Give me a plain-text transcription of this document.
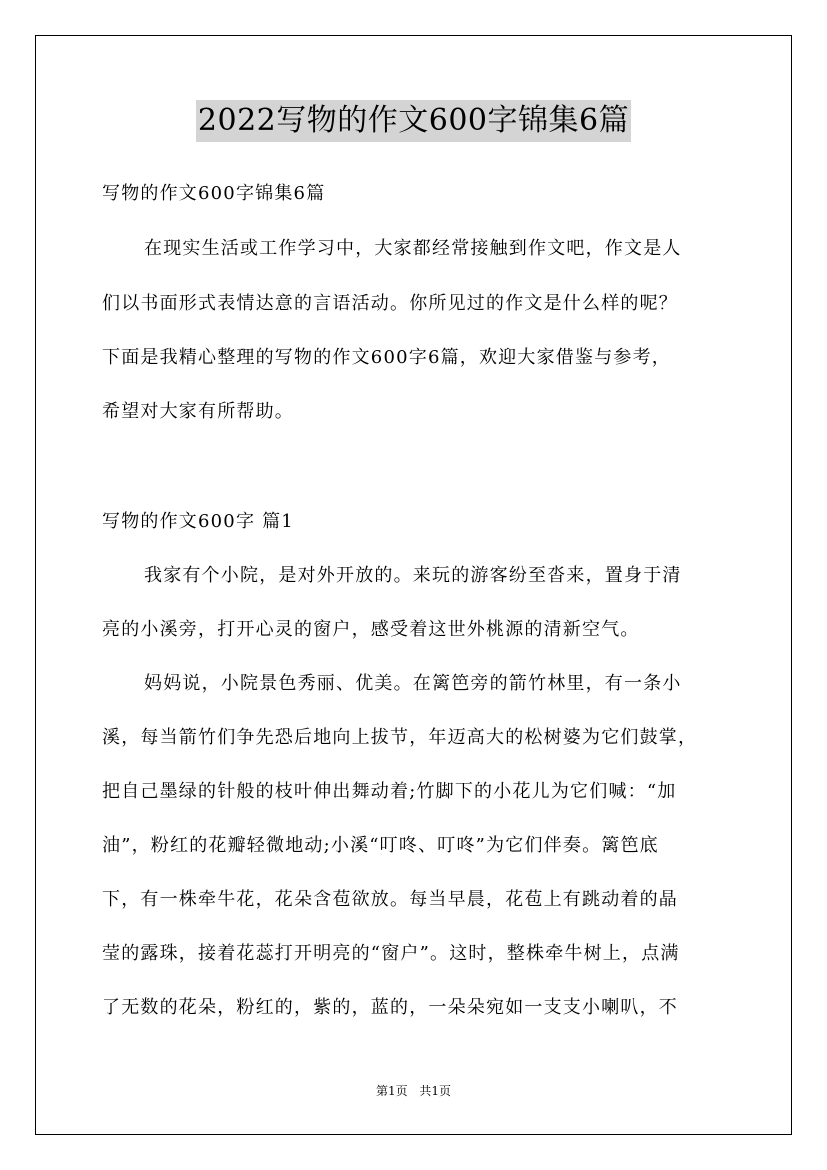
2022写物的作文600字锦集6篇
写物的作文600字锦集6篇
在现实生活或工作学习中，大家都经常接触到作文吧，作文是人
们以书面形式表情达意的言语活动。你所见过的作文是什么样的呢？
下面是我精心整理的写物的作文600字6篇，欢迎大家借鉴与参考，
希望对大家有所帮助。
写物的作文600字 篇1
我家有个小院，是对外开放的。来玩的游客纷至沓来，置身于清
亮的小溪旁，打开心灵的窗户，感受着这世外桃源的清新空气。
妈妈说，小院景色秀丽、优美。在篱笆旁的箭竹林里，有一条小
溪，每当箭竹们争先恐后地向上拔节，年迈高大的松树婆为它们鼓掌，
把自己墨绿的针般的枝叶伸出舞动着;竹脚下的小花儿为它们喊：“加
油”，粉红的花瓣轻微地动;小溪“叮咚、叮咚”为它们伴奏。篱笆底
下，有一株牵牛花，花朵含苞欲放。每当早晨，花苞上有跳动着的晶
莹的露珠，接着花蕊打开明亮的“窗户”。这时，整株牵牛树上，点满
了无数的花朵，粉红的，紫的，蓝的，一朵朵宛如一支支小喇叭，不
第1页 共1页
